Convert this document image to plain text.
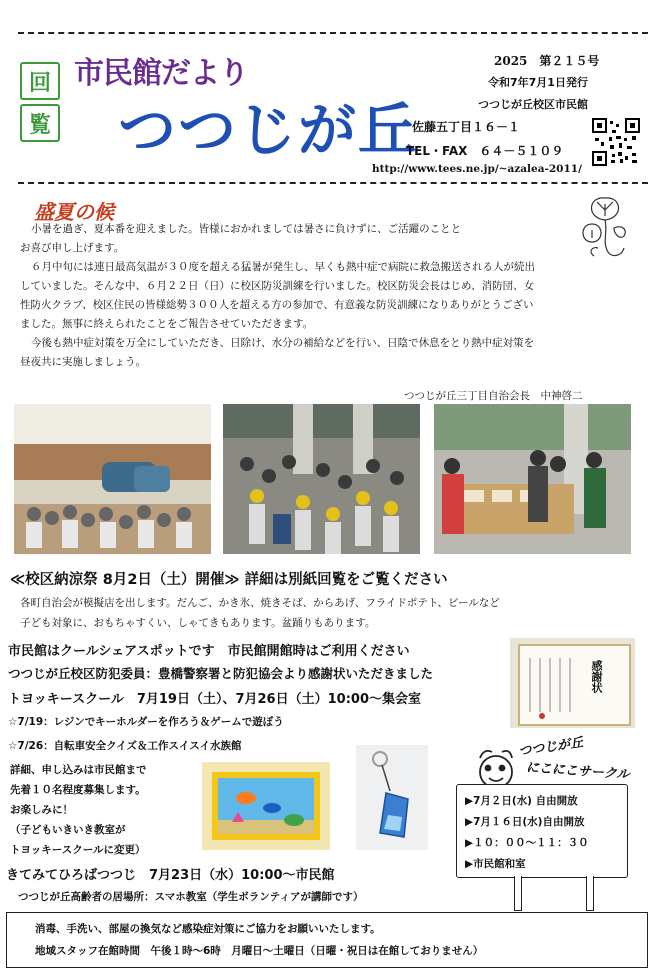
回
覧
市民館だより
つつじが丘
2025　第２１５号
令和7年7月1日発行
つつじが丘校区市民館
佐藤五丁目１６－１
TEL・FAX　６４－５１０９
http://www.tees.ne.jp/~azalea-2011/
盛夏の候
小暑を過ぎ、夏本番を迎えました。皆様におかれましては暑さに負けずに、ご活躍のことと
お喜び申し上げます。
６月中旬には連日最高気温が３０度を超える猛暑が発生し、早くも熱中症で病院に救急搬送される人が続出
していました。そんな中、６月２２日（日）に校区防災訓練を行いました。校区防災会長はじめ、消防団、女
性防火クラブ、校区住民の皆様総勢３００人を超える方の参加で、有意義な防災訓練になりありがとうござい
ました。無事に終えられたことをご報告させていただきます。
今後も熱中症対策を万全にしていただき、日除け、水分の補給などを行い、日陰で休息をとり熱中症対策を
昼夜共に実施しましょう。
つつじが丘三丁目自治会長　中神啓二
≪校区納涼祭 8月2日（土）開催≫ 詳細は別紙回覧をご覧ください
各町自治会が模擬店を出します。だんご、かき氷、焼きそば、からあげ、フライドポテト、ビールなど
子ども対象に、おもちゃすくい、しゃてきもあります。盆踊りもあります。
市民館はクールシェアスポットです　市民館開館時はご利用ください
つつじが丘校区防犯委員：豊橋警察署と防犯協会より感謝状いただきました
トヨッキースクール　7月19日（土）、7月26日（土）10:00～集会室
☆7/19：レジンでキーホルダーを作ろう＆ゲームで遊ぼう
☆7/26：自転車安全クイズ＆工作スイスイ水族館
詳細、申し込みは市民館まで
先着１０名程度募集します。
お楽しみに！
（子どもいきいき教室が
トヨッキースクールに変更）
感謝状
きてみてひろばつつじ　7月23日（水）10:00～市民館
つつじが丘高齢者の居場所：スマホ教室（学生ボランティアが講師です）
つつじが丘
にこにこサークル
▶7月２日(水) 自由開放
▶7月１６日(水)自由開放
▶１０：００～１１：３０
▶市民館和室
消毒、手洗い、部屋の換気など感染症対策にご協力をお願いいたします。
地域スタッフ在館時間　午後１時～6時　月曜日～土曜日（日曜・祝日は在館しておりません）
